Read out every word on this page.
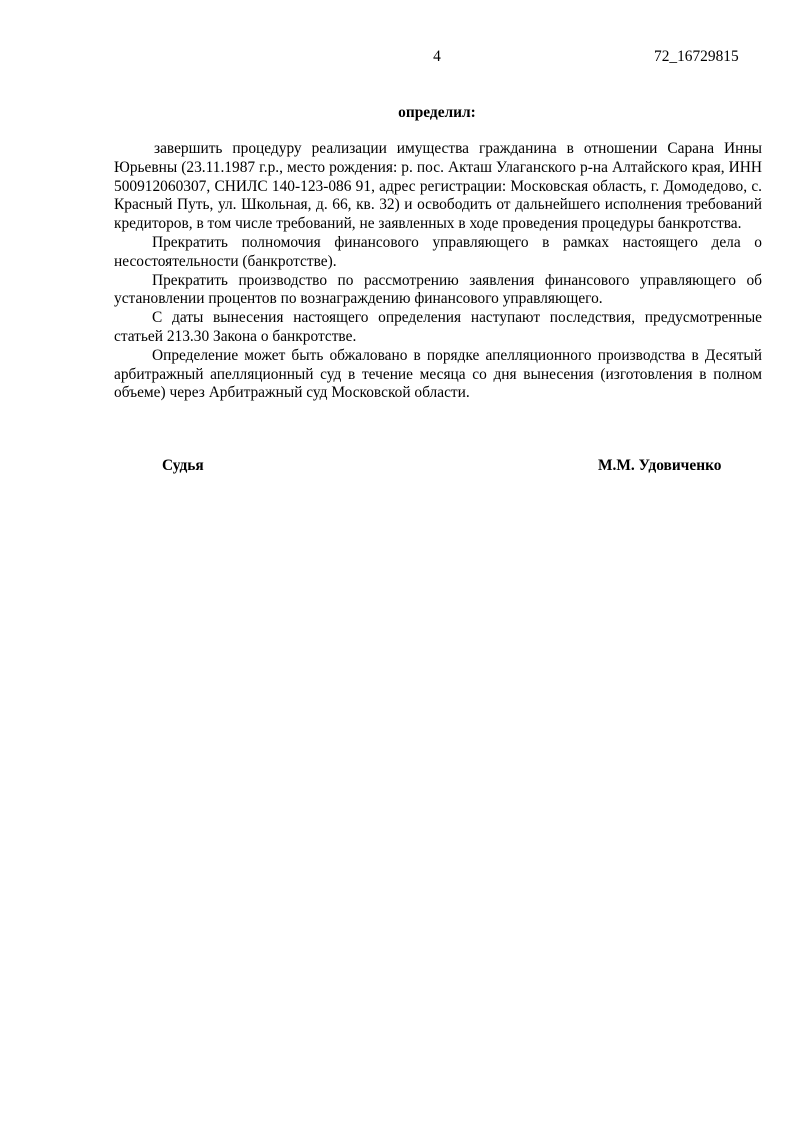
4	72_16729815
определил:

завершить процедуру реализации имущества гражданина в отношении Сарана Инны Юрьевны (23.11.1987 г.р., место рождения: р. пос. Акташ Улаганского р-на Алтайского края, ИНН 500912060307, СНИЛС 140-123-086 91, адрес регистрации: Московская область, г. Домодедово, с. Красный Путь, ул. Школьная, д. 66, кв. 32) и освободить от дальнейшего исполнения требований кредиторов, в том числе требований, не заявленных в ходе проведения процедуры банкротства.

Прекратить полномочия финансового управляющего в рамках настоящего дела о несостоятельности (банкротстве).

Прекратить производство по рассмотрению заявления финансового управляющего об установлении процентов по вознаграждению финансового управляющего.

С даты вынесения настоящего определения наступают последствия, предусмотренные статьей 213.30 Закона о банкротстве.

Определение может быть обжаловано в порядке апелляционного производства в Десятый арбитражный апелляционный суд в течение месяца со дня вынесения (изготовления в полном объеме) через Арбитражный суд Московской области.

Судья	М.М. Удовиченко
